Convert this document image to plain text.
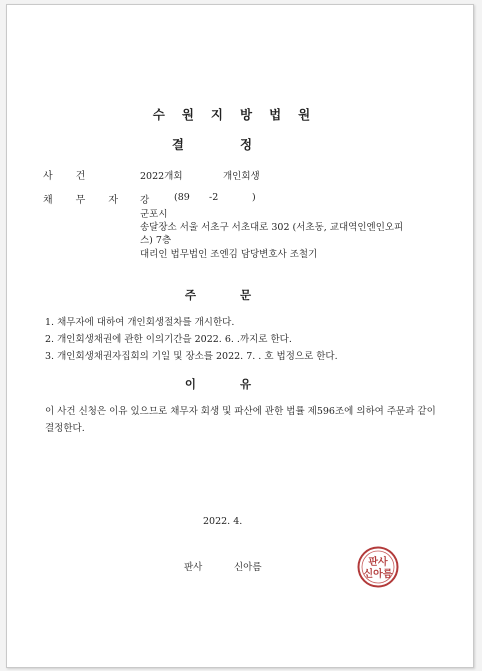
수원지방법원
결정
사건	2022개회	개인회생
채무자 강	(89 -2	)
군포시
송달장소 서울 서초구 서초대로 302 (서초동, 교대역인엔인오피
스) 7층
대리인 법무법인 조엔김 담당변호사 조철기
주문
1. 채무자에 대하여 개인회생절차를 개시한다.
2. 개인회생채권에 관한 이의기간을 2022. 6. .까지로 한다.
3. 개인회생채권자집회의 기일 및 장소를 2022. 7. . 호 법정으로 한다.
이유
이 사건 신청은 이유 있으므로 채무자 회생 및 파산에 관한 법률 제596조에 의하여 주문과 같이 결정한다.
2022. 4.
판사	신아름	판사
신아름
